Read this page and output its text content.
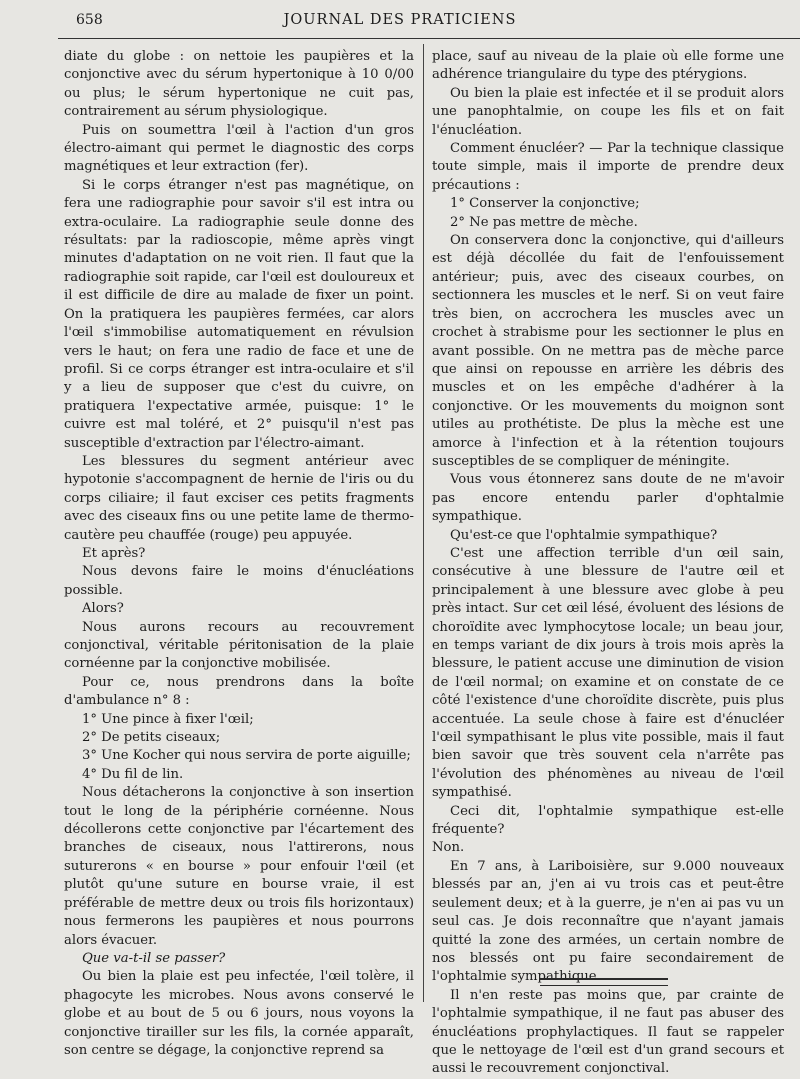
658	JOURNAL DES PRATICIENS

diate du globe : on nettoie les paupières et la conjonctive avec du sérum hypertonique à 10 0/00 ou plus; le sérum hypertonique ne cuit pas, contrairement au sérum physiologique.

Puis on soumettra l'œil à l'action d'un gros électro-aimant qui permet le diagnostic des corps magnétiques et leur extraction (fer).

Si le corps étranger n'est pas magnétique, on fera une radiographie pour savoir s'il est intra ou extra-oculaire. La radiographie seule donne des résultats: par la radioscopie, même après vingt minutes d'adaptation on ne voit rien. Il faut que la radiographie soit rapide, car l'œil est douloureux et il est difficile de dire au malade de fixer un point. On la pratiquera les paupières fermées, car alors l'œil s'immobilise automatiquement en révulsion vers le haut; on fera une radio de face et une de profil. Si ce corps étranger est intra-oculaire et s'il y a lieu de supposer que c'est du cuivre, on pratiquera l'expectative armée, puisque: 1° le cuivre est mal toléré, et 2° puisqu'il n'est pas susceptible d'extraction par l'électro-aimant.

Les blessures du segment antérieur avec hypotonie s'accompagnent de hernie de l'iris ou du corps ciliaire; il faut exciser ces petits fragments avec des ciseaux fins ou une petite lame de thermo-cautère peu chauffée (rouge) peu appuyée.

Et après?

Nous devons faire le moins d'énucléations possible.

Alors?

Nous aurons recours au recouvrement conjonctival, véritable péritonisation de la plaie cornéenne par la conjonctive mobilisée.

Pour ce, nous prendrons dans la boîte d'ambulance n° 8 :

1° Une pince à fixer l'œil;

2° De petits ciseaux;

3° Une Kocher qui nous servira de porte aiguille;

4° Du fil de lin.

Nous détacherons la conjonctive à son insertion tout le long de la périphérie cornéenne. Nous décollerons cette conjonctive par l'écartement des branches de ciseaux, nous l'attirerons, nous suturerons « en bourse » pour enfouir l'œil (et plutôt qu'une suture en bourse vraie, il est préférable de mettre deux ou trois fils horizontaux) nous fermerons les paupières et nous pourrons alors évacuer.

Que va-t-il se passer?

Ou bien la plaie est peu infectée, l'œil tolère, il phagocyte les microbes. Nous avons conservé le globe et au bout de 5 ou 6 jours, nous voyons la conjonctive tirailler sur les fils, la cornée apparaît, son centre se dégage, la conjonctive reprend sa

place, sauf au niveau de la plaie où elle forme une adhérence triangulaire du type des ptérygions.

Ou bien la plaie est infectée et il se produit alors une panophtalmie, on coupe les fils et on fait l'énucléation.

Comment énucléer? — Par la technique classique toute simple, mais il importe de prendre deux précautions :

1° Conserver la conjonctive;

2° Ne pas mettre de mèche.

On conservera donc la conjonctive, qui d'ailleurs est déjà décollée du fait de l'enfouissement antérieur; puis, avec des ciseaux courbes, on sectionnera les muscles et le nerf. Si on veut faire très bien, on accrochera les muscles avec un crochet à strabisme pour les sectionner le plus en avant possible. On ne mettra pas de mèche parce que ainsi on repousse en arrière les débris des muscles et on les empêche d'adhérer à la conjonctive. Or les mouvements du moignon sont utiles au prothétiste. De plus la mèche est une amorce à l'infection et à la rétention toujours susceptibles de se compliquer de méningite.

Vous vous étonnerez sans doute de ne m'avoir pas encore entendu parler d'ophtalmie sympathique.

Qu'est-ce que l'ophtalmie sympathique?

C'est une affection terrible d'un œil sain, consécutive à une blessure de l'autre œil et principalement à une blessure avec globe à peu près intact. Sur cet œil lésé, évoluent des lésions de choroïdite avec lymphocytose locale; un beau jour, en temps variant de dix jours à trois mois après la blessure, le patient accuse une diminution de vision de l'œil normal; on examine et on constate de ce côté l'existence d'une choroïdite discrète, puis plus accentuée. La seule chose à faire est d'énucléer l'œil sympathisant le plus vite possible, mais il faut bien savoir que très souvent cela n'arrête pas l'évolution des phénomènes au niveau de l'œil sympathisé.

Ceci dit, l'ophtalmie sympathique est-elle fréquente?

Non.

En 7 ans, à Lariboisière, sur 9.000 nouveaux blessés par an, j'en ai vu trois cas et peut-être seulement deux; et à la guerre, je n'en ai pas vu un seul cas. Je dois reconnaître que n'ayant jamais quitté la zone des armées, un certain nombre de nos blessés ont pu faire secondairement de l'ophtalmie sympathique.

Il n'en reste pas moins que, par crainte de l'ophtalmie sympathique, il ne faut pas abuser des énucléations prophylactiques. Il faut se rappeler que le nettoyage de l'œil est d'un grand secours et aussi le recouvrement conjonctival.
